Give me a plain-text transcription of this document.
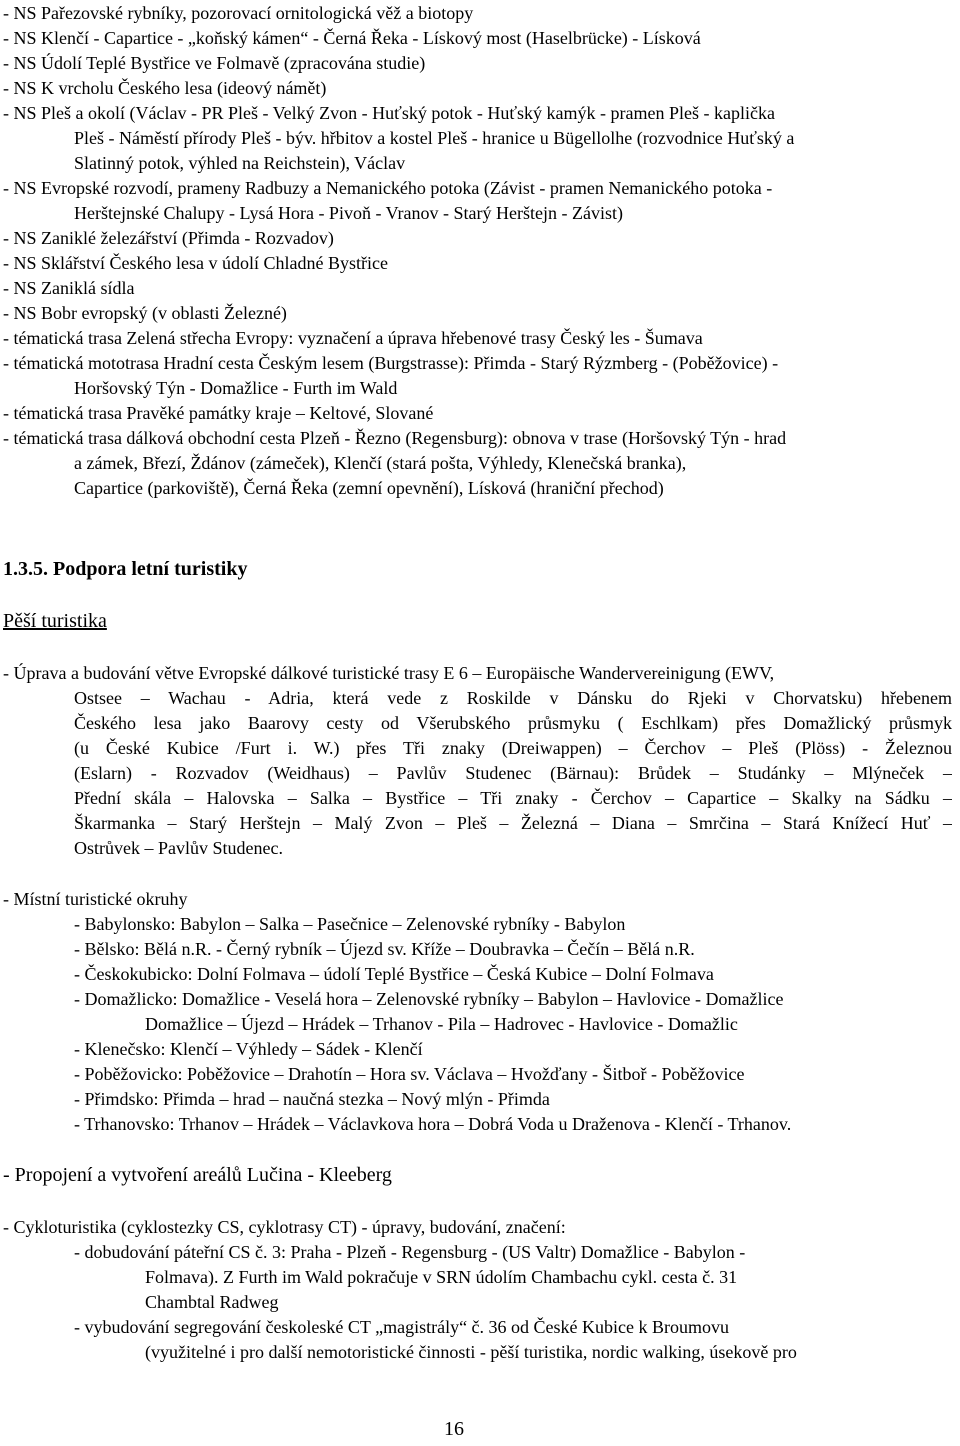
- NS Pařezovské rybníky, pozorovací ornitologická věž a biotopy
- NS Klenčí - Capartice - „koňský kámen“ - Černá Řeka - Lískový most (Haselbrücke) - Lísková
- NS Údolí Teplé Bystřice ve Folmavě (zpracována studie)
- NS K vrcholu Českého lesa (ideový námět)
- NS Pleš a okolí (Václav - PR Pleš - Velký Zvon - Huťský potok - Huťský kamýk - pramen Pleš - kaplička
Pleš - Náměstí přírody Pleš - býv. hřbitov a kostel Pleš - hranice u Bügellolhe (rozvodnice Huťský a
Slatinný potok, výhled na Reichstein), Václav
- NS Evropské rozvodí, prameny Radbuzy a Nemanického potoka (Závist - pramen Nemanického potoka -
Herštejnské Chalupy - Lysá Hora - Pivoň - Vranov - Starý Herštejn - Závist)
- NS Zaniklé železářství (Přimda - Rozvadov)
- NS Sklářství Českého lesa v údolí Chladné Bystřice
- NS Zaniklá sídla
- NS Bobr evropský (v oblasti Železné)
- tématická trasa Zelená střecha Evropy: vyznačení a úprava hřebenové trasy Český les - Šumava
- tématická mototrasa Hradní cesta Českým lesem (Burgstrasse): Přimda - Starý Rýzmberg - (Poběžovice) -
Horšovský Týn - Domažlice - Furth im Wald
- tématická trasa Pravěké památky kraje – Keltové, Slované
- tématická trasa dálková obchodní cesta Plzeň - Řezno (Regensburg): obnova v trase (Horšovský Týn - hrad
a zámek, Březí, Ždánov (zámeček), Klenčí (stará pošta, Výhledy, Klenečská branka),
Capartice (parkoviště), Černá Řeka (zemní opevnění), Lísková (hraniční přechod)
1.3.5. Podpora letní turistiky
Pěší turistika
- Úprava a budování větve Evropské dálkové turistické trasy E 6 – Europäische Wandervereinigung (EWV,
Ostsee – Wachau - Adria, která vede z Roskilde v Dánsku do Rjeki v Chorvatsku) hřebenem
Českého lesa jako Baarovy cesty od Všerubského průsmyku ( Eschlkam) přes Domažlický průsmyk
(u České Kubice /Furt i. W.) přes Tři znaky (Dreiwappen) – Čerchov – Pleš (Plöss) - Železnou
(Eslarn) - Rozvadov (Weidhaus) – Pavlův Studenec (Bärnau): Brůdek – Studánky – Mlýneček –
Přední skála – Halovska – Salka – Bystřice – Tři znaky - Čerchov – Capartice – Skalky na Sádku –
Škarmanka – Starý Herštejn – Malý Zvon – Pleš – Železná – Diana – Smrčina – Stará Knížecí Huť –
Ostrůvek – Pavlův Studenec.
- Místní turistické okruhy
- Babylonsko: Babylon – Salka – Pasečnice – Zelenovské rybníky - Babylon
- Bělsko: Bělá n.R. - Černý rybník – Újezd sv. Kříže – Doubravka – Čečín – Bělá n.R.
- Českokubicko: Dolní Folmava – údolí Teplé Bystřice – Česká Kubice – Dolní Folmava
- Domažlicko: Domažlice - Veselá hora – Zelenovské rybníky – Babylon – Havlovice - Domažlice
Domažlice – Újezd – Hrádek – Trhanov - Pila – Hadrovec - Havlovice - Domažlic
- Klenečsko: Klenčí – Výhledy – Sádek - Klenčí
- Poběžovicko: Poběžovice – Drahotín – Hora sv. Václava – Hvožďany - Šitboř - Poběžovice
- Přimdsko: Přimda – hrad – naučná stezka – Nový mlýn - Přimda
- Trhanovsko: Trhanov – Hrádek – Václavkova hora – Dobrá Voda u Draženova - Klenčí - Trhanov.
- Propojení a vytvoření areálů Lučina - Kleeberg
- Cykloturistika (cyklostezky CS, cyklotrasy CT) - úpravy, budování, značení:
- dobudování páteřní CS č. 3: Praha - Plzeň - Regensburg - (US Valtr) Domažlice - Babylon -
Folmava). Z Furth im Wald pokračuje v SRN údolím Chambachu cykl. cesta č. 31
Chambtal Radweg
- vybudování segregování českoleské CT „magistrály“ č. 36 od České Kubice k Broumovu
(využitelné i pro další nemotoristické činnosti - pěší turistika, nordic walking, úsekově pro
16
